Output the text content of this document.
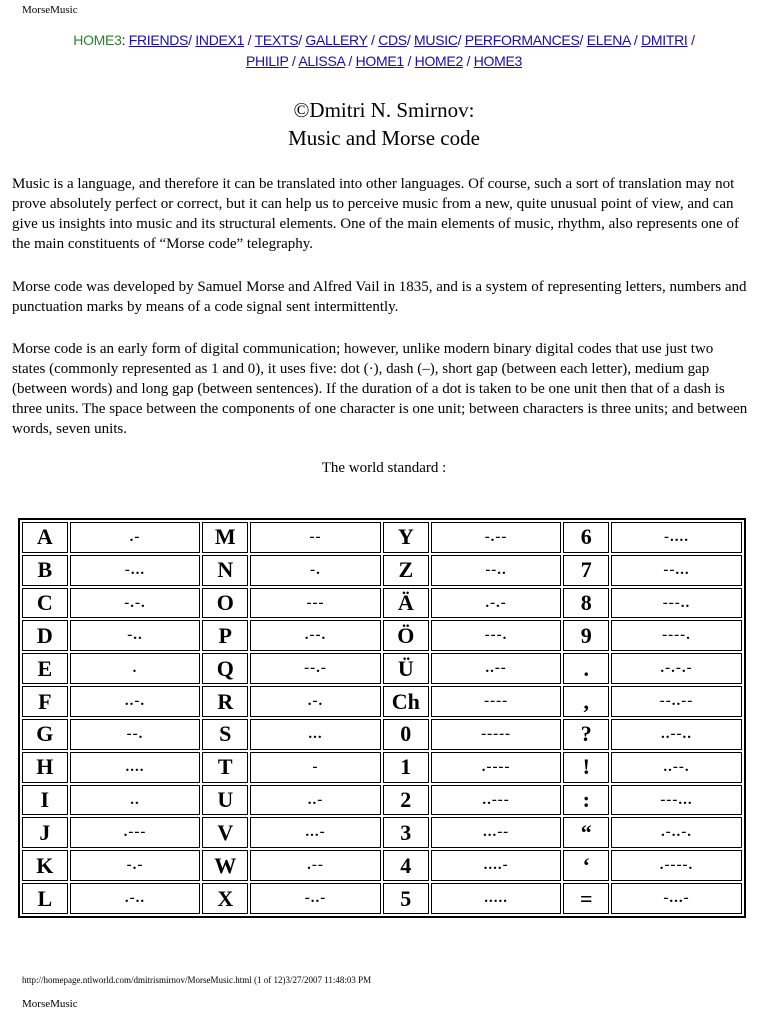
MorseMusic
HOME3: FRIENDS/ INDEX1 / TEXTS/ GALLERY / CDS/ MUSIC/ PERFORMANCES/ ELENA / DMITRI /
PHILIP / ALISSA / HOME1 / HOME2 / HOME3
©Dmitri N. Smirnov:
Music and Morse code

Music is a language, and therefore it can be translated into other languages. Of course, such a sort of translation may not prove absolutely perfect or correct, but it can help us to perceive music from a new, quite unusual point of view, and can give us insights into music and its structural elements. One of the main elements of music, rhythm, also represents one of the main constituents of “Morse code” telegraphy.

Morse code was developed by Samuel Morse and Alfred Vail in 1835, and is a system of representing letters, numbers and punctuation marks by means of a code signal sent intermittently.

Morse code is an early form of digital communication; however, unlike modern binary digital codes that use just two states (commonly represented as 1 and 0), it uses five: dot (·), dash (–), short gap (between each letter), medium gap (between words) and long gap (between sentences). If the duration of a dot is taken to be one unit then that of a dash is three units. The space between the components of one character is one unit; between characters is three units; and between words, seven units.

The world standard :
A	.-	M	--	Y	-.--	6	-....
B	-...	N	-.	Z	--..	7	--...
C	-.-.	O	---	Ä	.-.-	8	---..
D	-..	P	.--.	Ö	---.	9	----.
E	.	Q	--.-	Ü	..--	.	.-.-.-
F	..-.	R	.-.	Ch	----	,	--..--
G	--.	S	...	0	-----	?	..--..
H	....	T	-	1	.----	!	..--.
I	..	U	..-	2	..---	:	---...
J	.---	V	...-	3	...--	“	.-..-.
K	-.-	W	.--	4	....-	‘	.----.
L	.-..	X	-..-	5	.....	=	-...-
http://homepage.ntlworld.com/dmitrismirnov/MorseMusic.html (1 of 12)3/27/2007 11:48:03 PM
MorseMusic
